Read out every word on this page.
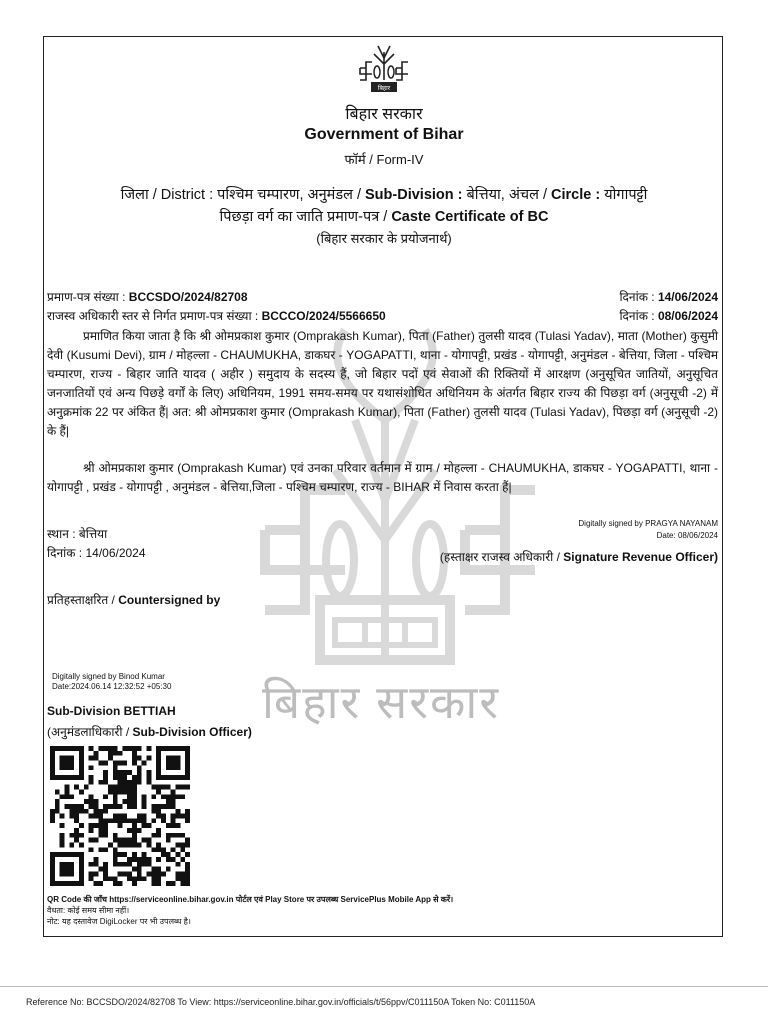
बिहार सरकार
बिहार
बिहार सरकार
Government of Bihar
फॉर्म / Form-IV
जिला / District : पश्चिम चम्पारण, अनुमंडल / Sub-Division : बेत्तिया, अंचल / Circle : योगापट्टी
पिछड़ा वर्ग का जाति प्रमाण-पत्र / Caste Certificate of BC
(बिहार सरकार के प्रयोजनार्थ)
प्रमाण-पत्र संख्या : BCCSDO/2024/82708	दिनांक : 14/06/2024
राजस्व अधिकारी स्तर से निर्गत प्रमाण-पत्र संख्या : BCCCO/2024/5566650	दिनांक : 08/06/2024
प्रमाणित किया जाता है कि श्री ओमप्रकाश कुमार (Omprakash Kumar), पिता (Father) तुलसी यादव (Tulasi Yadav), माता (Mother) कुसुमी देवी (Kusumi Devi), ग्राम / मोहल्ला - CHAUMUKHA, डाकघर - YOGAPATTI, थाना - योगापट्टी, प्रखंड - योगापट्टी, अनुमंडल - बेत्तिया, जिला - पश्चिम चम्पारण, राज्य - बिहार जाति यादव ( अहीर ) समुदाय के सदस्य हैं, जो बिहार पदों एवं सेवाओं की रिक्तियों में आरक्षण (अनुसूचित जातियों, अनुसूचित जनजातियों एवं अन्य पिछड़े वर्गों के लिए) अधिनियम, 1991 समय-समय पर यथासंशोधित अधिनियम के अंतर्गत बिहार राज्य की पिछड़ा वर्ग (अनुसूची -2) में अनुक्रमांक 22 पर अंकित हैं| अत: श्री ओमप्रकाश कुमार (Omprakash Kumar), पिता (Father) तुलसी यादव (Tulasi Yadav), पिछड़ा वर्ग (अनुसूची -2) के हैं|
श्री ओमप्रकाश कुमार (Omprakash Kumar) एवं उनका परिवार वर्तमान में ग्राम / मोहल्ला - CHAUMUKHA, डाकघर - YOGAPATTI, थाना - योगापट्टी , प्रखंड - योगापट्टी , अनुमंडल - बेत्तिया,जिला - पश्चिम चम्पारण, राज्य - BIHAR में निवास करता हैं|
स्थान : बेत्तिया
दिनांक : 14/06/2024
Digitally signed by PRAGYA NAYANAM
Date: 08/06/2024
(हस्ताक्षर राजस्व अधिकारी / Signature Revenue Officer)
प्रतिहस्ताक्षरित / Countersigned by
Digitally signed by Binod Kumar
Date:2024.06.14 12:32:52 +05:30
Sub-Division BETTIAH
(अनुमंडलाधिकारी / Sub-Division Officer)
QR Code की जाँच https://serviceonline.bihar.gov.in पोर्टल एवं Play Store पर उपलब्ध ServicePlus Mobile App से करें।
वैधता: कोई समय सीमा नहीं।
नोट: यह दस्तावेज DigiLocker पर भी उपलब्ध है।
Reference No: BCCSDO/2024/82708 To View: https://serviceonline.bihar.gov.in/officials/t/56ppv/C011150A Token No: C011150A
